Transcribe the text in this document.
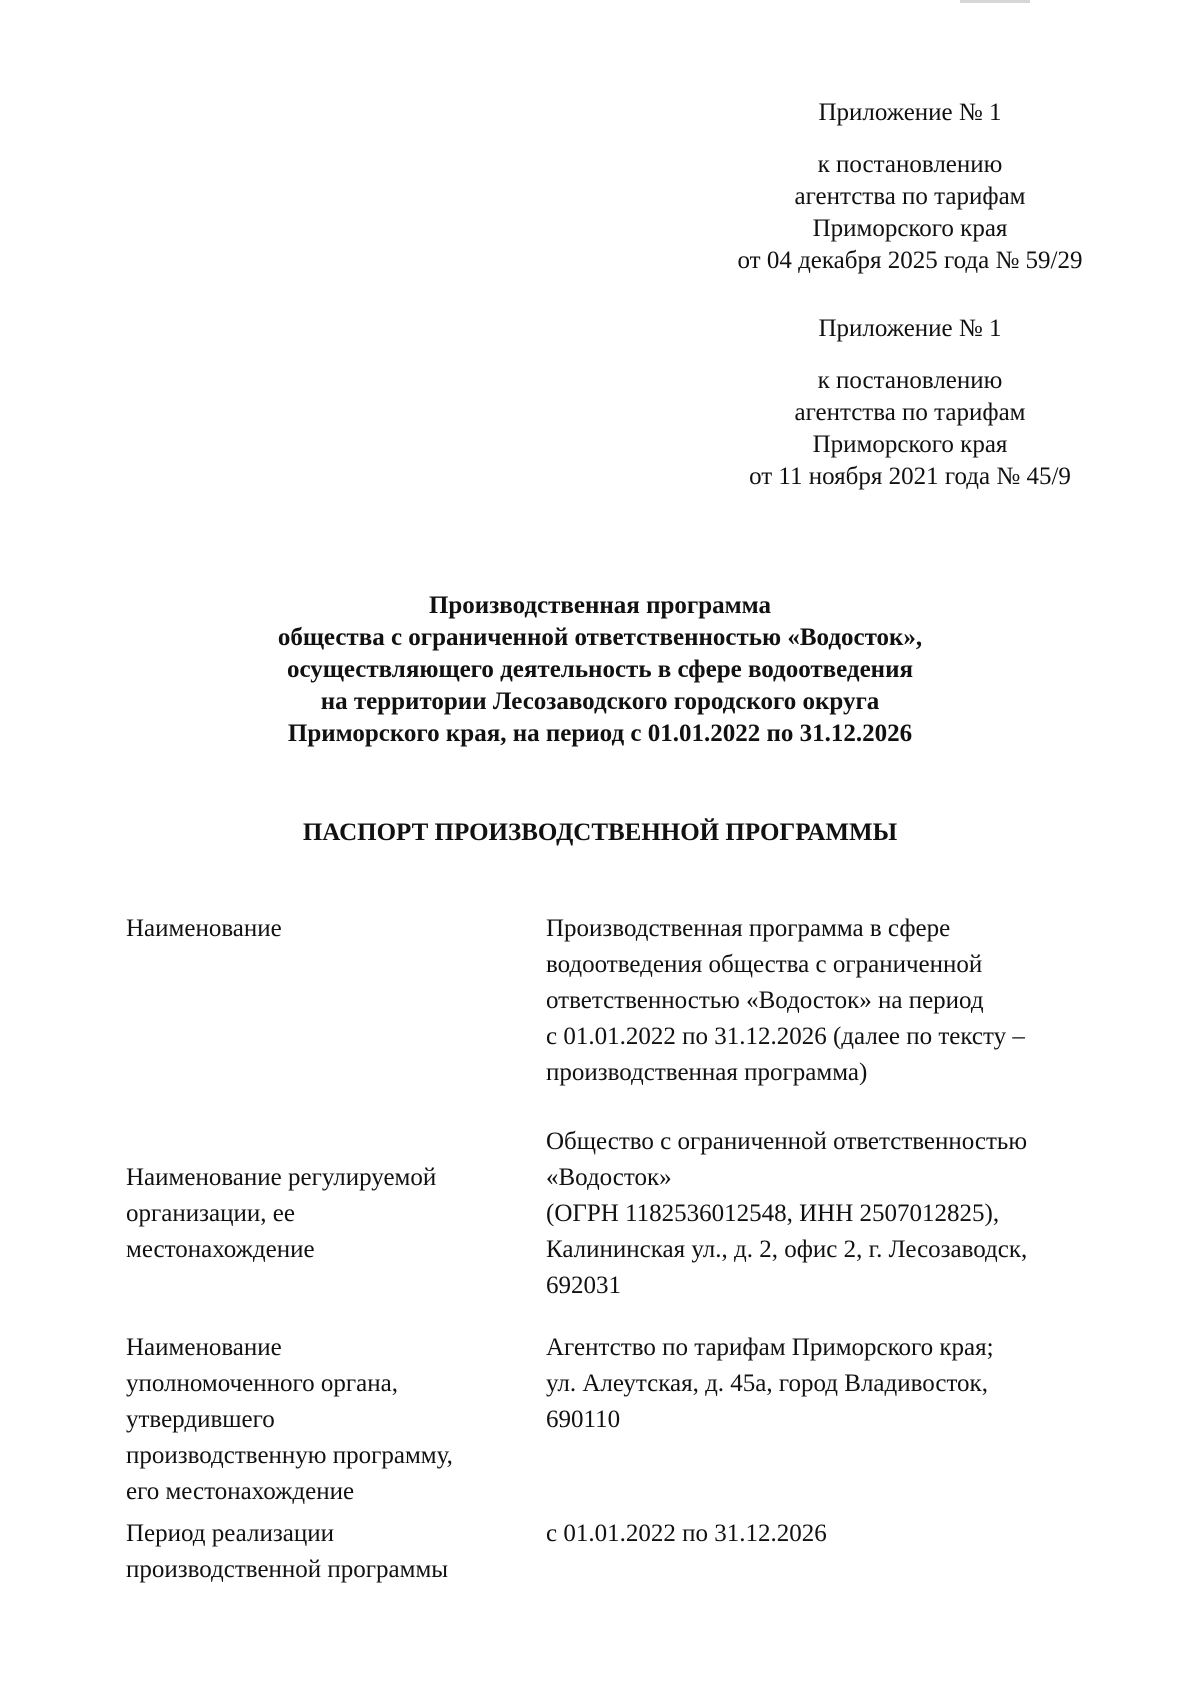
Приложение № 1
к постановлению
агентства по тарифам
Приморского края
от 04 декабря 2025 года № 59/29
Приложение № 1
к постановлению
агентства по тарифам
Приморского края
от 11 ноября 2021 года № 45/9
Производственная программа
общества с ограниченной ответственностью «Водосток»,
осуществляющего деятельность в сфере водоотведения
на территории Лесозаводского городского округа
Приморского края, на период с 01.01.2022 по 31.12.2026
ПАСПОРТ ПРОИЗВОДСТВЕННОЙ ПРОГРАММЫ
Наименование	Производственная программа в сфере
водоотведения общества с ограниченной
ответственностью «Водосток» на период
с 01.01.2022 по 31.12.2026 (далее по тексту –
производственная программа)
Наименование регулируемой
организации, ее
местонахождение
Общество с ограниченной ответственностью
«Водосток»
(ОГРН 1182536012548, ИНН 2507012825),
Калининская ул., д. 2, офис 2, г. Лесозаводск,
692031
Наименование
уполномоченного органа,
утвердившего
производственную программу,
его местонахождение
Агентство по тарифам Приморского края;
ул. Алеутская, д. 45а, город Владивосток,
690110
Период реализации
производственной программы
с 01.01.2022 по 31.12.2026
